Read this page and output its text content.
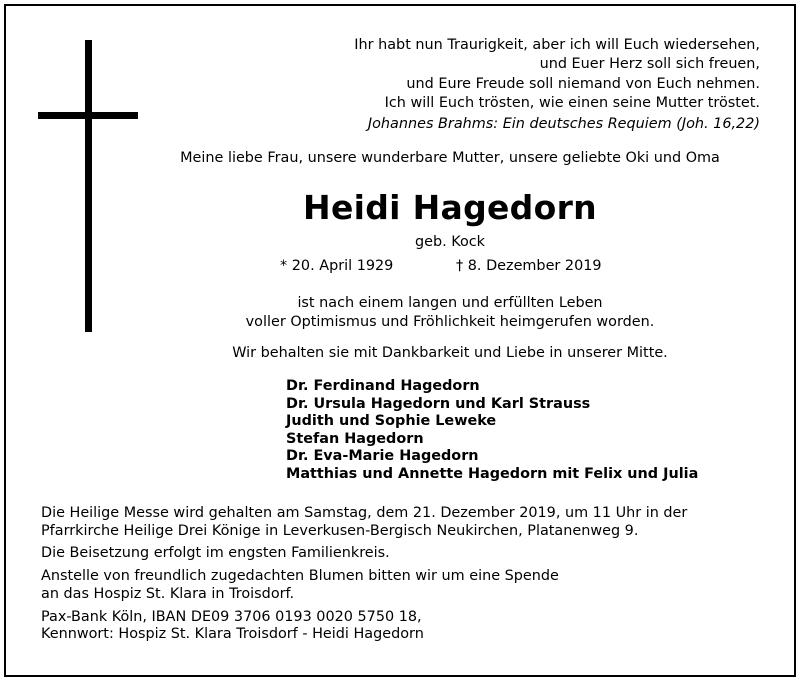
Ihr habt nun Traurigkeit, aber ich will Euch wiedersehen,
und Euer Herz soll sich freuen,
und Eure Freude soll niemand von Euch nehmen.
Ich will Euch trösten, wie einen seine Mutter tröstet.
Johannes Brahms: Ein deutsches Requiem (Joh. 16,22)
Meine liebe Frau, unsere wunderbare Mutter, unsere geliebte Oki und Oma
Heidi Hagedorn
geb. Kock
* 20. April 1929	† 8. Dezember 2019
ist nach einem langen und erfüllten Leben
voller Optimismus und Fröhlichkeit heimgerufen worden.
Wir behalten sie mit Dankbarkeit und Liebe in unserer Mitte.
Dr. Ferdinand Hagedorn
Dr. Ursula Hagedorn und Karl Strauss
Judith und Sophie Leweke
Stefan Hagedorn
Dr. Eva-Marie Hagedorn
Matthias und Annette Hagedorn mit Felix und Julia

Die Heilige Messe wird gehalten am Samstag, dem 21. Dezember 2019, um 11 Uhr in der
Pfarrkirche Heilige Drei Könige in Leverkusen-Bergisch Neukirchen, Platanenweg 9.

Die Beisetzung erfolgt im engsten Familienkreis.

Anstelle von freundlich zugedachten Blumen bitten wir um eine Spende
an das Hospiz St. Klara in Troisdorf.

Pax-Bank Köln, IBAN DE09 3706 0193 0020 5750 18,
Kennwort: Hospiz St. Klara Troisdorf - Heidi Hagedorn
